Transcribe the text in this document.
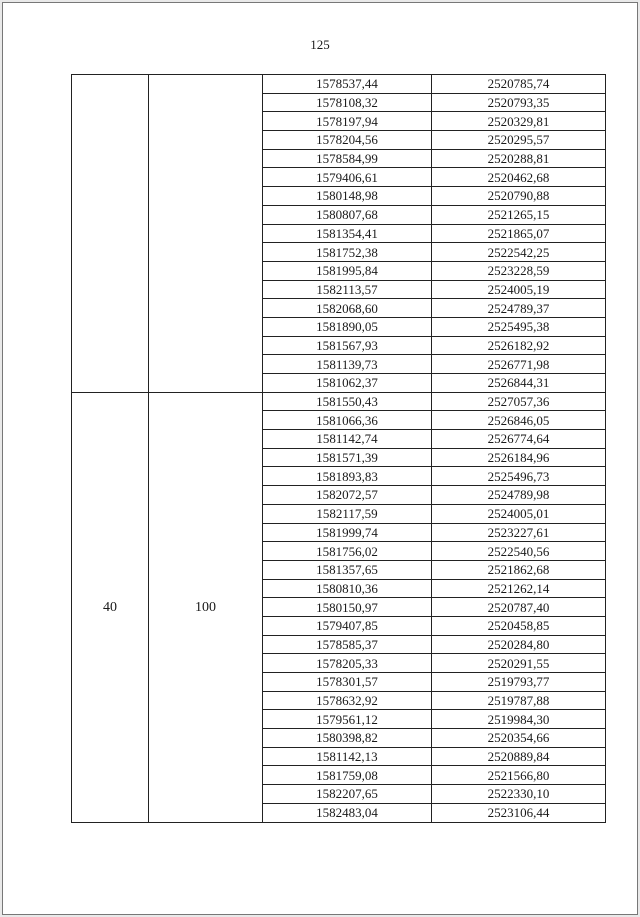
125
		1578537,44	2520785,74
		1578108,32	2520793,35
		1578197,94	2520329,81
		1578204,56	2520295,57
		1578584,99	2520288,81
		1579406,61	2520462,68
		1580148,98	2520790,88
		1580807,68	2521265,15
		1581354,41	2521865,07
		1581752,38	2522542,25
		1581995,84	2523228,59
		1582113,57	2524005,19
		1582068,60	2524789,37
		1581890,05	2525495,38
		1581567,93	2526182,92
		1581139,73	2526771,98
		1581062,37	2526844,31
40	100	1581550,43	2527057,36
		1581066,36	2526846,05
		1581142,74	2526774,64
		1581571,39	2526184,96
		1581893,83	2525496,73
		1582072,57	2524789,98
		1582117,59	2524005,01
		1581999,74	2523227,61
		1581756,02	2522540,56
		1581357,65	2521862,68
		1580810,36	2521262,14
		1580150,97	2520787,40
		1579407,85	2520458,85
		1578585,37	2520284,80
		1578205,33	2520291,55
		1578301,57	2519793,77
		1578632,92	2519787,88
		1579561,12	2519984,30
		1580398,82	2520354,66
		1581142,13	2520889,84
		1581759,08	2521566,80
		1582207,65	2522330,10
		1582483,04	2523106,44
